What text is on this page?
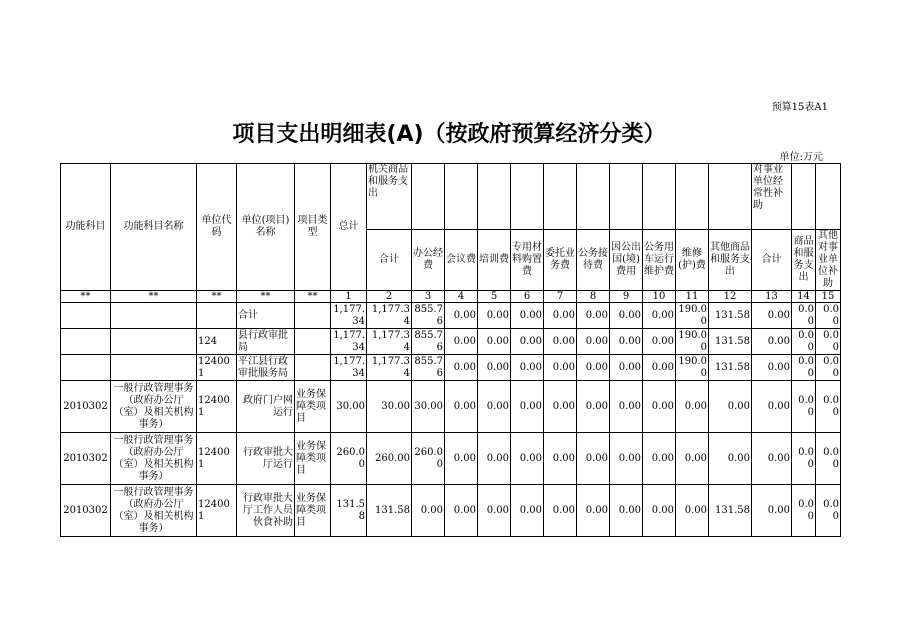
预算15表A1
项目支出明细表(A)（按政府预算经济分类）
单位:万元
功能科目	功能科目名称	单位代码	单位(项目)名称	项目类型	总计	机关商品和服务支出											对事业单位经常性补助		
						合计	办公经费	会议费	培训费	专用材料购置费	委托业务费	公务接待费	因公出国(境)费用	公务用车运行维护费	维修(护)费	其他商品和服务支出	合计	商品和服务支出	其他对事业单位补助
**	**	**	**	**	1	2	3	4	5	6	7	8	9	10	11	12	13	14	15
			合计		1,177.34	1,177.34	855.76	0.00	0.00	0.00	0.00	0.00	0.00	0.00	190.00	131.58	0.00	0.00	0.00
		124	县行政审批局		1,177.34	1,177.34	855.76	0.00	0.00	0.00	0.00	0.00	0.00	0.00	190.00	131.58	0.00	0.00	0.00
		124001	平江县行政审批服务局		1,177.34	1,177.34	855.76	0.00	0.00	0.00	0.00	0.00	0.00	0.00	190.00	131.58	0.00	0.00	0.00
2010302	一般行政管理事务（政府办公厅（室）及相关机构事务）	124001	政府门户网运行	业务保障类项目	30.00	30.00	30.00	0.00	0.00	0.00	0.00	0.00	0.00	0.00	0.00	0.00	0.00	0.00	0.00
2010302	一般行政管理事务（政府办公厅（室）及相关机构事务）	124001	行政审批大厅运行	业务保障类项目	260.00	260.00	260.00	0.00	0.00	0.00	0.00	0.00	0.00	0.00	0.00	0.00	0.00	0.00	0.00
2010302	一般行政管理事务（政府办公厅（室）及相关机构事务）	124001	行政审批大厅工作人员伙食补助	业务保障类项目	131.58	131.58	0.00	0.00	0.00	0.00	0.00	0.00	0.00	0.00	0.00	131.58	0.00	0.00	0.00
